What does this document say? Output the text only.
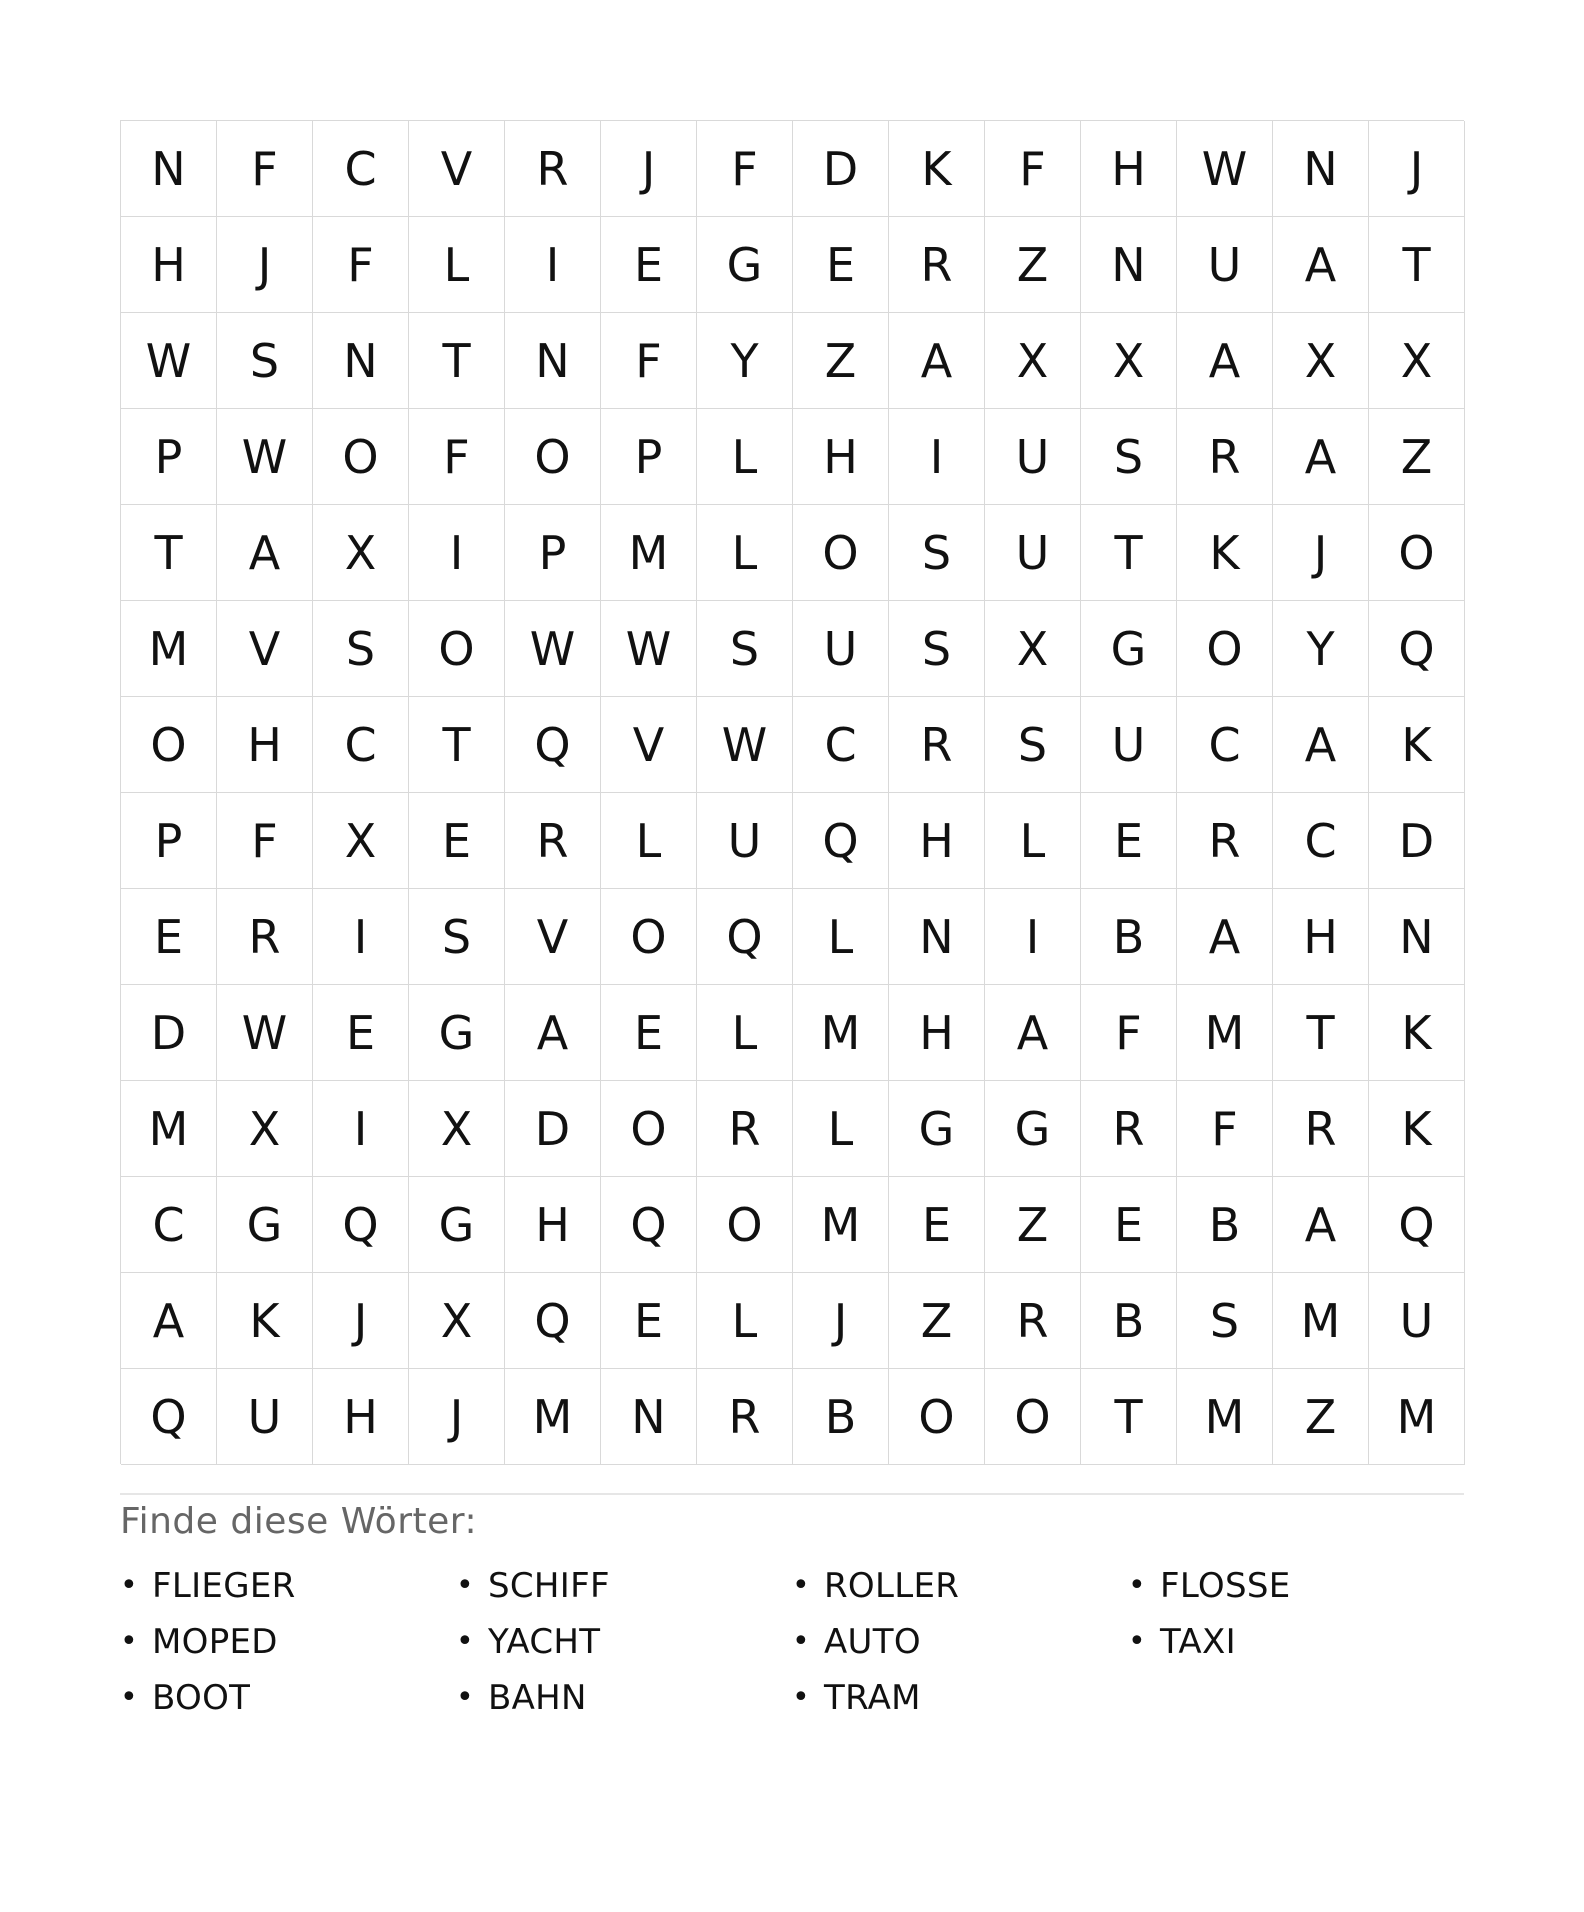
N	F	C	V	R	J	F	D	K	F	H	W	N	J
H	J	F	L	I	E	G	E	R	Z	N	U	A	T
W	S	N	T	N	F	Y	Z	A	X	X	A	X	X
P	W	O	F	O	P	L	H	I	U	S	R	A	Z
T	A	X	I	P	M	L	O	S	U	T	K	J	O
M	V	S	O	W	W	S	U	S	X	G	O	Y	Q
O	H	C	T	Q	V	W	C	R	S	U	C	A	K
P	F	X	E	R	L	U	Q	H	L	E	R	C	D
E	R	I	S	V	O	Q	L	N	I	B	A	H	N
D	W	E	G	A	E	L	M	H	A	F	M	T	K
M	X	I	X	D	O	R	L	G	G	R	F	R	K
C	G	Q	G	H	Q	O	M	E	Z	E	B	A	Q
A	K	J	X	Q	E	L	J	Z	R	B	S	M	U
Q	U	H	J	M	N	R	B	O	O	T	M	Z	M
Finde diese Wörter:
• FLIEGER	• SCHIFF	• ROLLER	• FLOSSE
• MOPED	• YACHT	• AUTO	• TAXI
• BOOT	• BAHN	• TRAM
